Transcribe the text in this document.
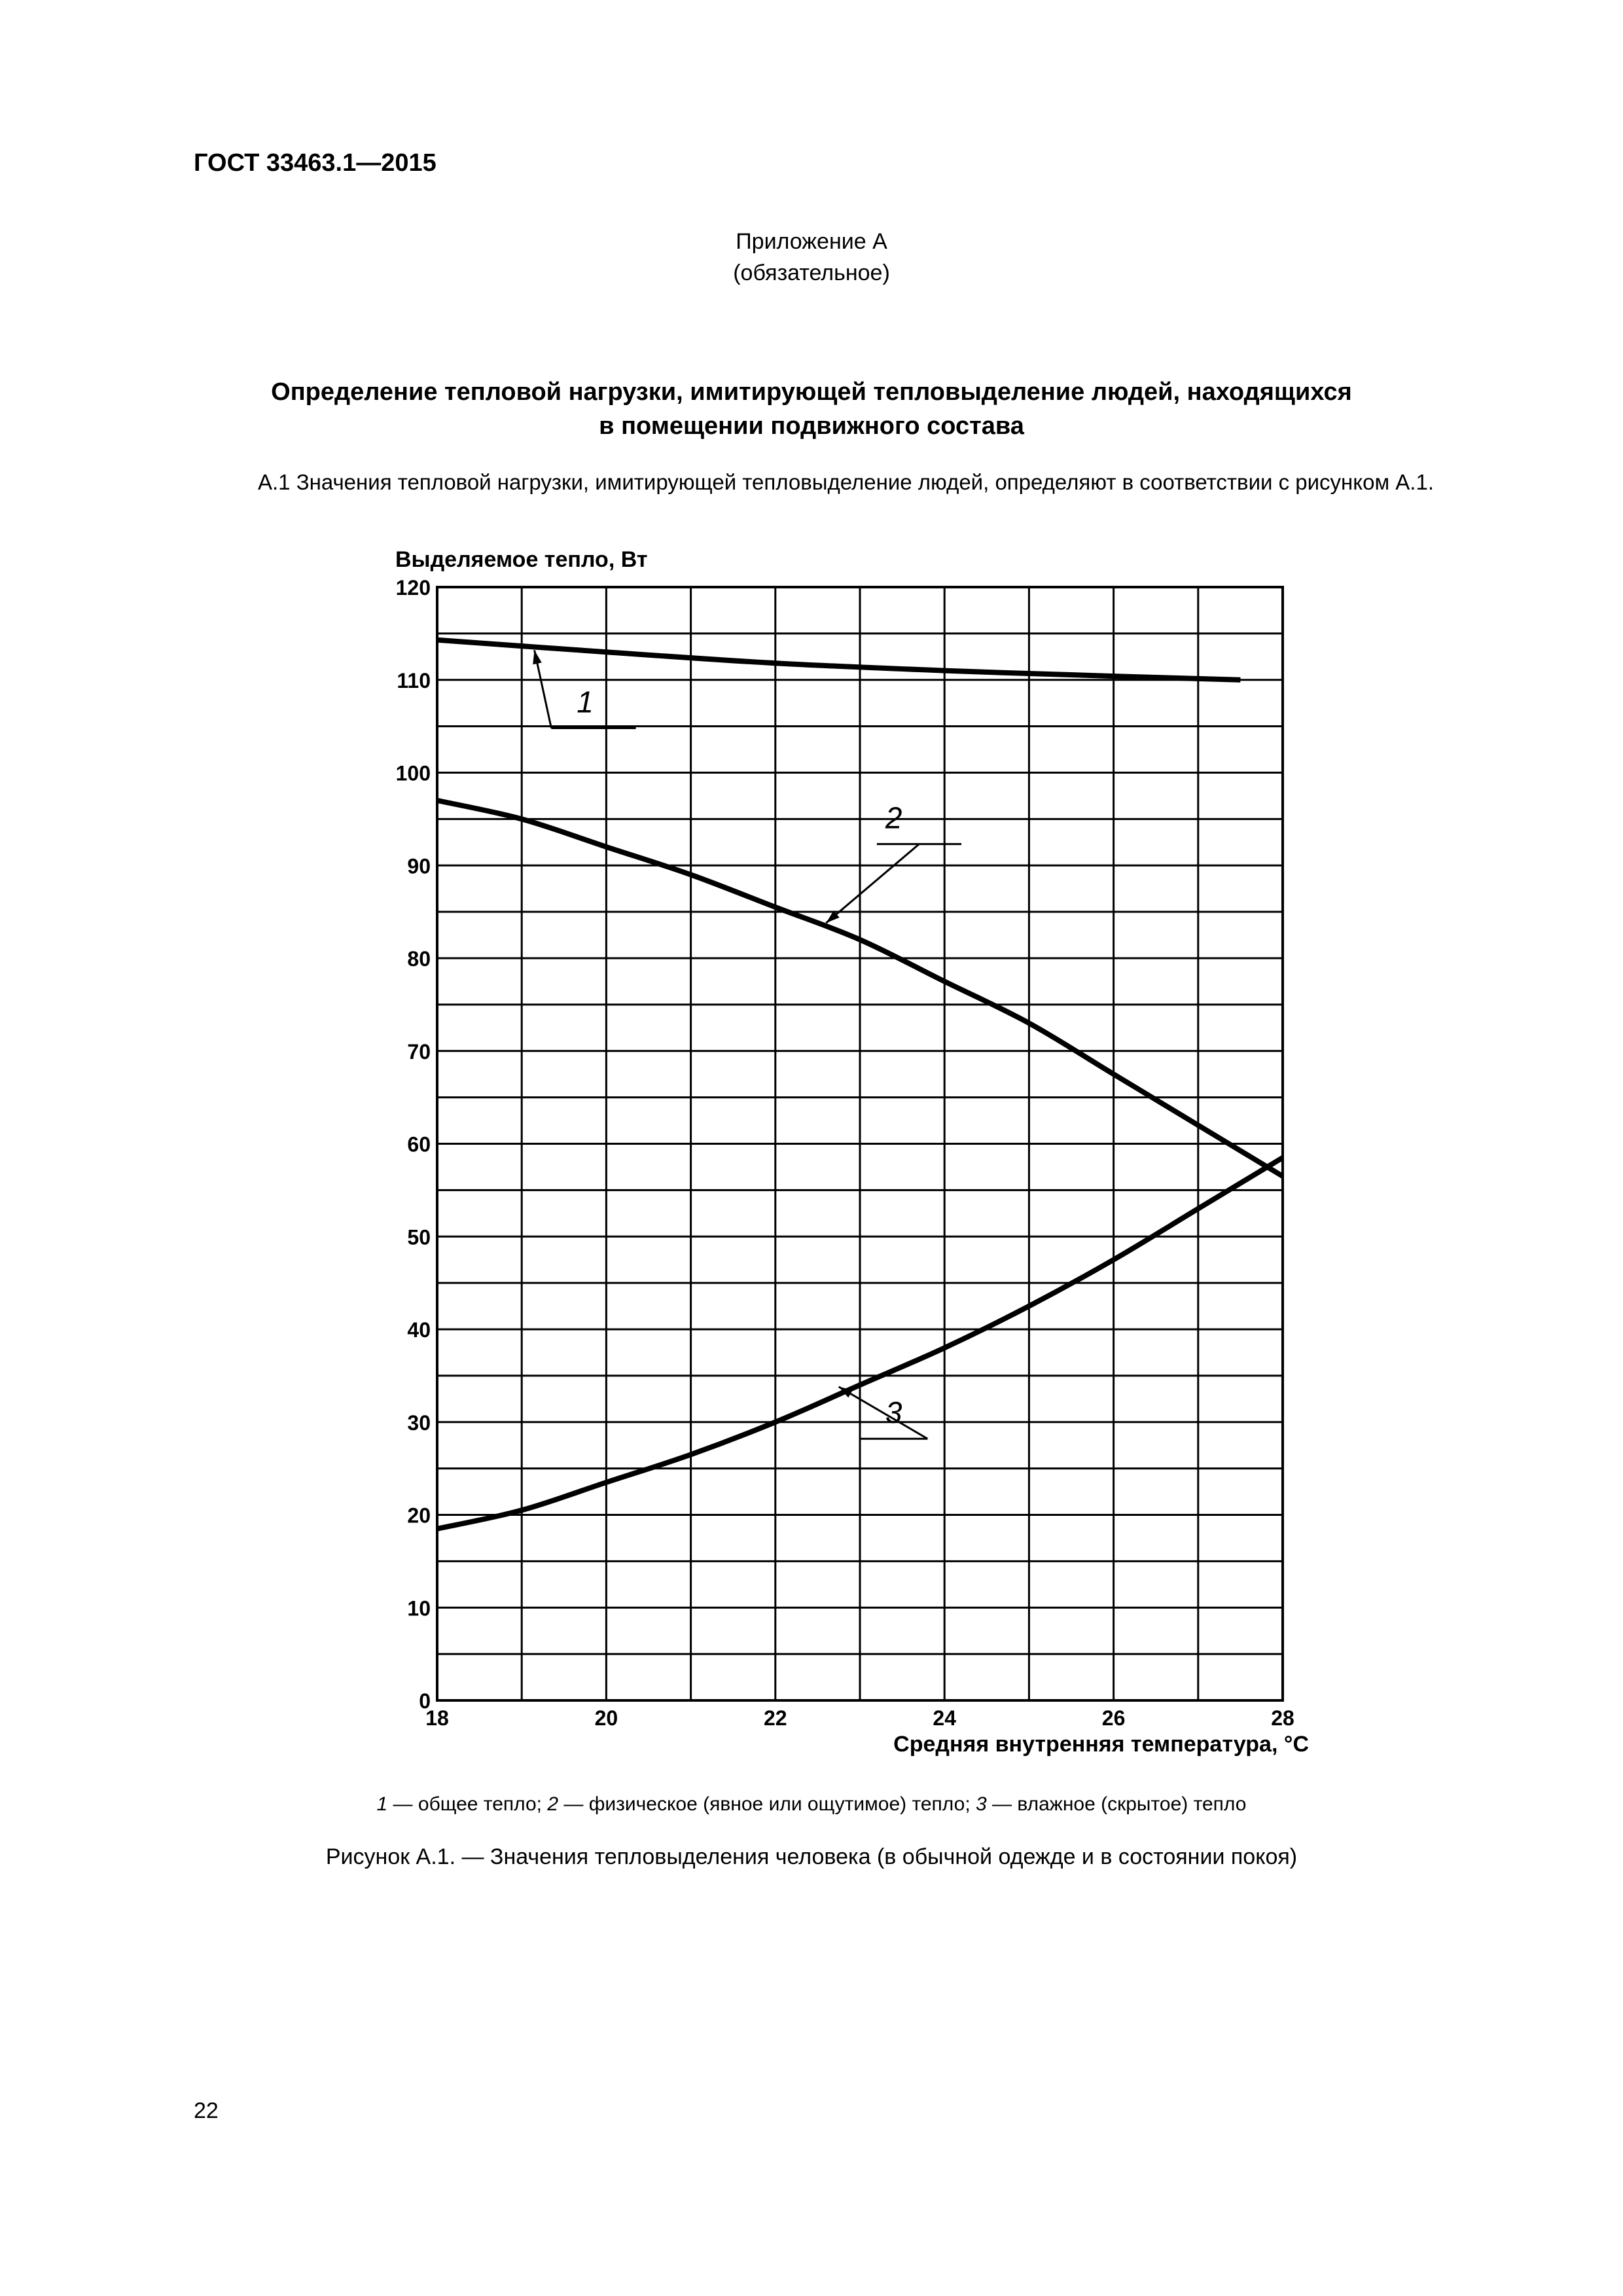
ГОСТ 33463.1—2015
Приложение А
(обязательное)
Определение тепловой нагрузки, имитирующей тепловыделение людей, находящихся
в помещении подвижного состава
А.1 Значения тепловой нагрузки, имитирующей тепловыделение людей, определяют в соответствии с рисунком А.1.
1
2
3
0
10
20
30
40
50
60
70
80
90
100
110
120
18	20	22	24	26	28
Выделяемое тепло, Вт
Средняя внутренняя температура, °С
1 — общее тепло; 2 — физическое (явное или ощутимое) тепло; 3 — влажное (скрытое) тепло
Рисунок А.1. — Значения тепловыделения человека (в обычной одежде и в состоянии покоя)
22
